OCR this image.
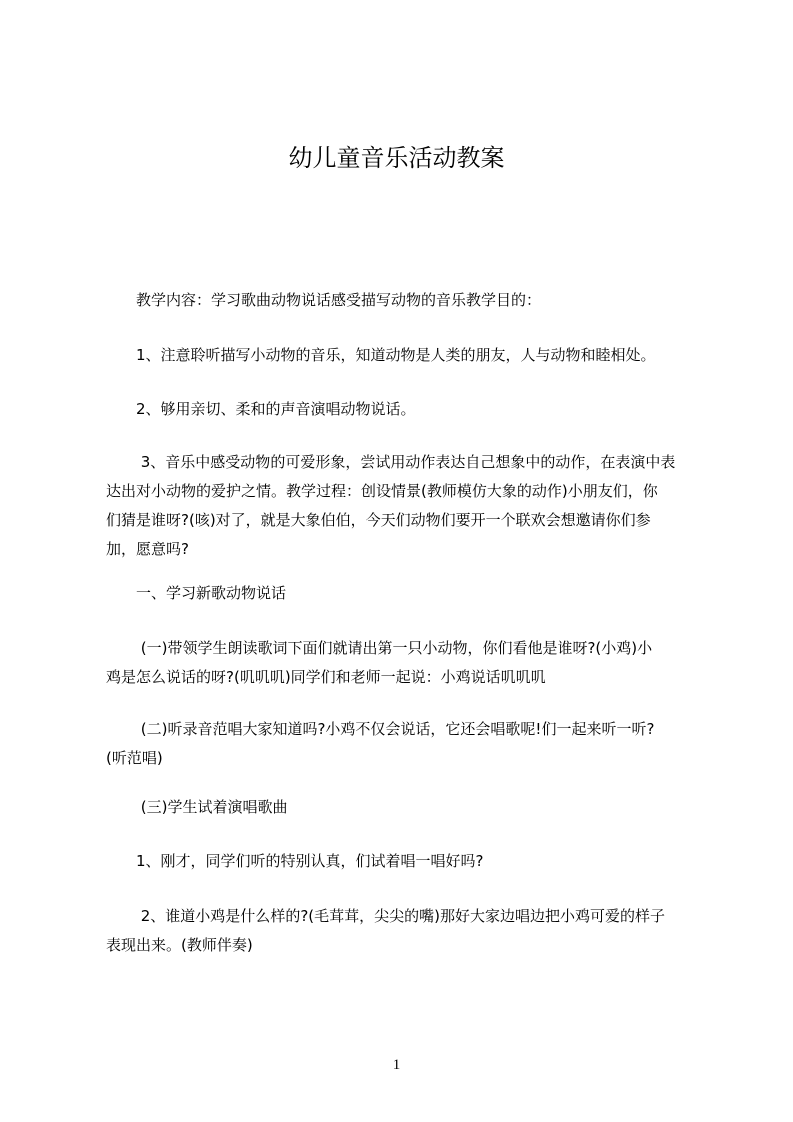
幼儿童音乐活动教案

　　教学内容：学习歌曲动物说话感受描写动物的音乐教学目的：

　　1、注意聆听描写小动物的音乐，知道动物是人类的朋友，人与动物和睦相处。

　　2、够用亲切、柔和的声音演唱动物说话。

　　 3、音乐中感受动物的可爱形象，尝试用动作表达自己想象中的动作，在表演中表
达出对小动物的爱护之情。教学过程：创设情景(教师模仿大象的动作)小朋友们，你
们猜是谁呀?(咳)对了，就是大象伯伯，今天们动物们要开一个联欢会想邀请你们参
加，愿意吗?

　　一、学习新歌动物说话

　　 (一)带领学生朗读歌词下面们就请出第一只小动物，你们看他是谁呀?(小鸡)小
鸡是怎么说话的呀?(叽叽叽)同学们和老师一起说：小鸡说话叽叽叽

　　 (二)听录音范唱大家知道吗?小鸡不仅会说话，它还会唱歌呢!们一起来听一听?
(听范唱)

　　 (三)学生试着演唱歌曲

　　1、刚才，同学们听的特别认真，们试着唱一唱好吗?

　　 2、谁道小鸡是什么样的?(毛茸茸，尖尖的嘴)那好大家边唱边把小鸡可爱的样子
表现出来。(教师伴奏)

1
